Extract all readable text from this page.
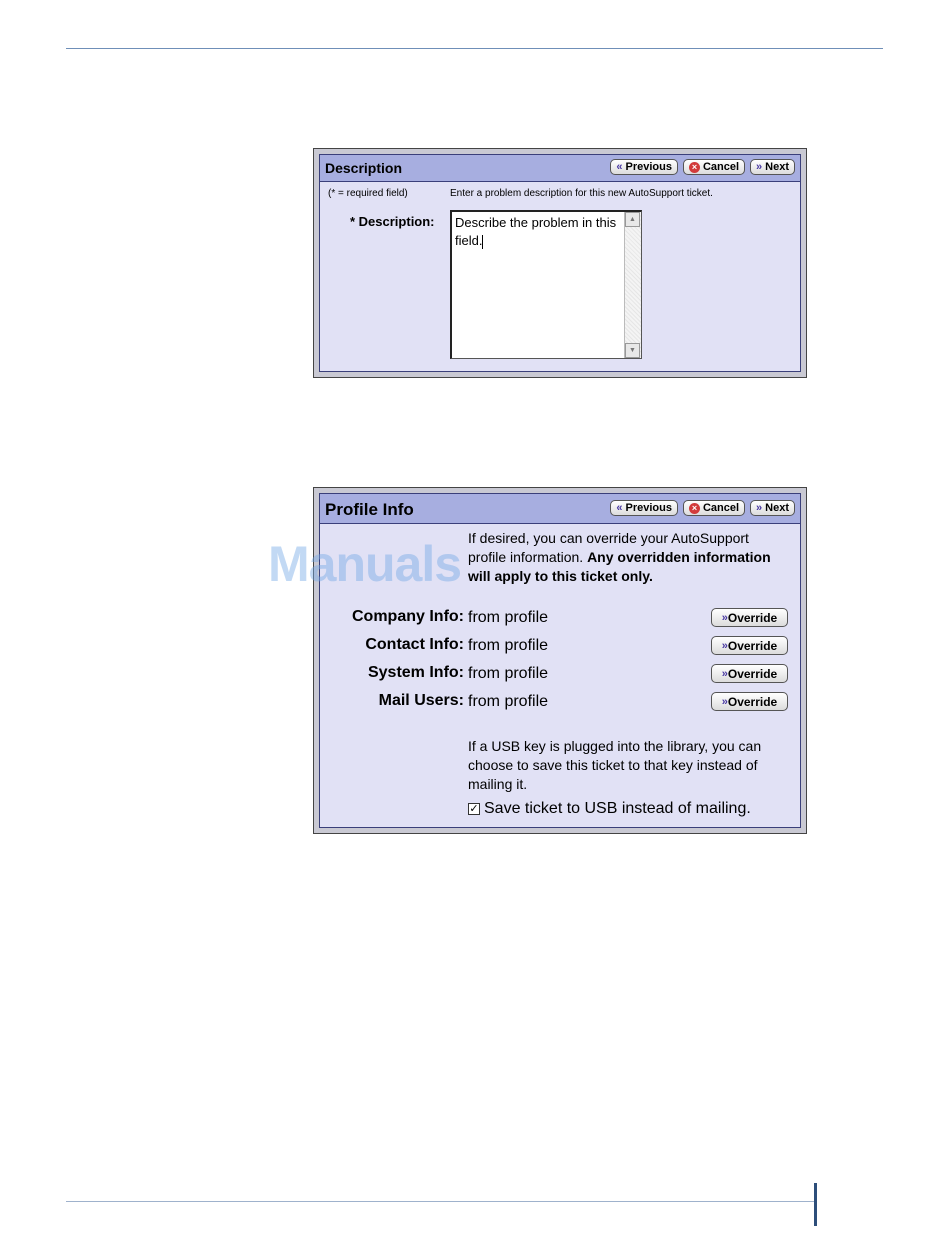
Description	« Previous	× Cancel » Next
(* = required field)	Enter a problem description for this new AutoSupport ticket.
* Description: Describe the problem in this field.
▲
▼
Profile Info	« Previous	× Cancel » Next
If desired, you can override your AutoSupport profile information. Any overridden information will apply to this ticket only.
Company Info: from profile	» Override
Contact Info: from profile	» Override
System Info: from profile	» Override
Mail Users: from profile	» Override
If a USB key is plugged into the library, you can choose to save this ticket to that key instead of mailing it.
✓ Save ticket to USB instead of mailing.
Manuals
